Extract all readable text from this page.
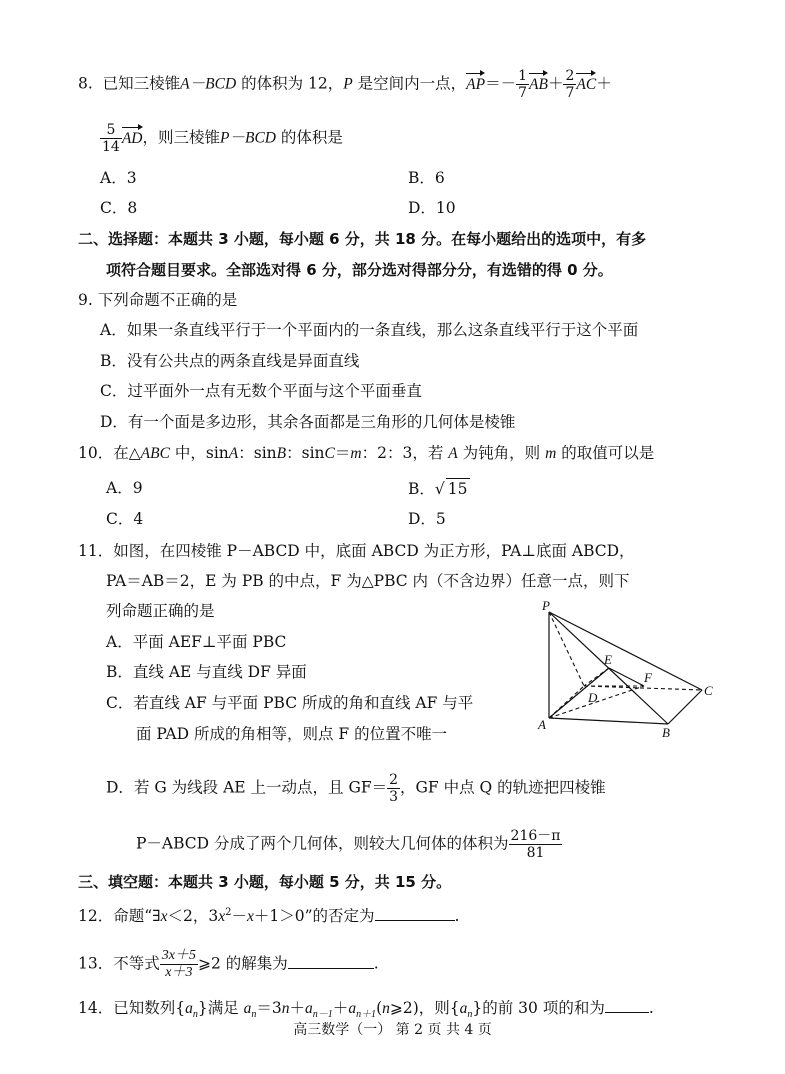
8. 已知三棱锥A－BCD 的体积为 12，P 是空间内一点，$AP=- \frac{1}{7} AB+ \frac{2}{7} AC+$
$\frac{5}{14}$ AD，则三棱锥P－BCD 的体积是
A．3	B．6
C．8	D．10
二、选择题：本题共 3 小题，每小题 6 分，共 18 分。在每小题给出的选项中，有多
项符合题目要求。全部选对得 6 分，部分选对得部分分，有选错的得 0 分。
9. 下列命题不正确的是
A．如果一条直线平行于一个平面内的一条直线，那么这条直线平行于这个平面
B．没有公共点的两条直线是异面直线
C．过平面外一点有无数个平面与这个平面垂直
D．有一个面是多边形，其余各面都是三角形的几何体是棱锥
10．在△ABC 中，sinA：sinB：sinC＝m：2：3，若 A 为钝角，则 m 的取值可以是
A．9	B．√ 15
C．4	D．5
11．如图，在四棱锥 P－ABCD 中，底面 ABCD 为正方形，PA⊥底面 ABCD，
PA＝AB＝2，E 为 PB 的中点，F 为△PBC 内（不含边界）任意一点，则下
列命题正确的是
A．平面 AEF⊥平面 PBC
B．直线 AE 与直线 DF 异面
C．若直线 AF 与平面 PBC 所成的角和直线 AF 与平
面 PAD 所成的角相等，则点 F 的位置不唯一
D．若 G 为线段 AE 上一动点，且 $GF= \frac{2}{3}$ ，GF 中点 Q 的轨迹把四棱锥
P－ABCD 分成了两个几何体，则较大几何体的体积为 $\frac{216-\pi}{81}$
P
E
F
D	C
A
B
三、填空题：本题共 3 小题，每小题 5 分，共 15 分。
12．命题“∃x＜2，$3x^2-x+1>0$”的否定为	.
13．不等式 $\frac{3x+5}{x+3}$ ⩾2 的解集为	.
14．已知数列$\{a_n\}$满足 $a_n=3n+a_{n-1}+a_{n+1}(n⩾2)$，则$\{a_n\}$的前 30 项的和为	.
高三数学（一） 第 2 页 共 4 页
